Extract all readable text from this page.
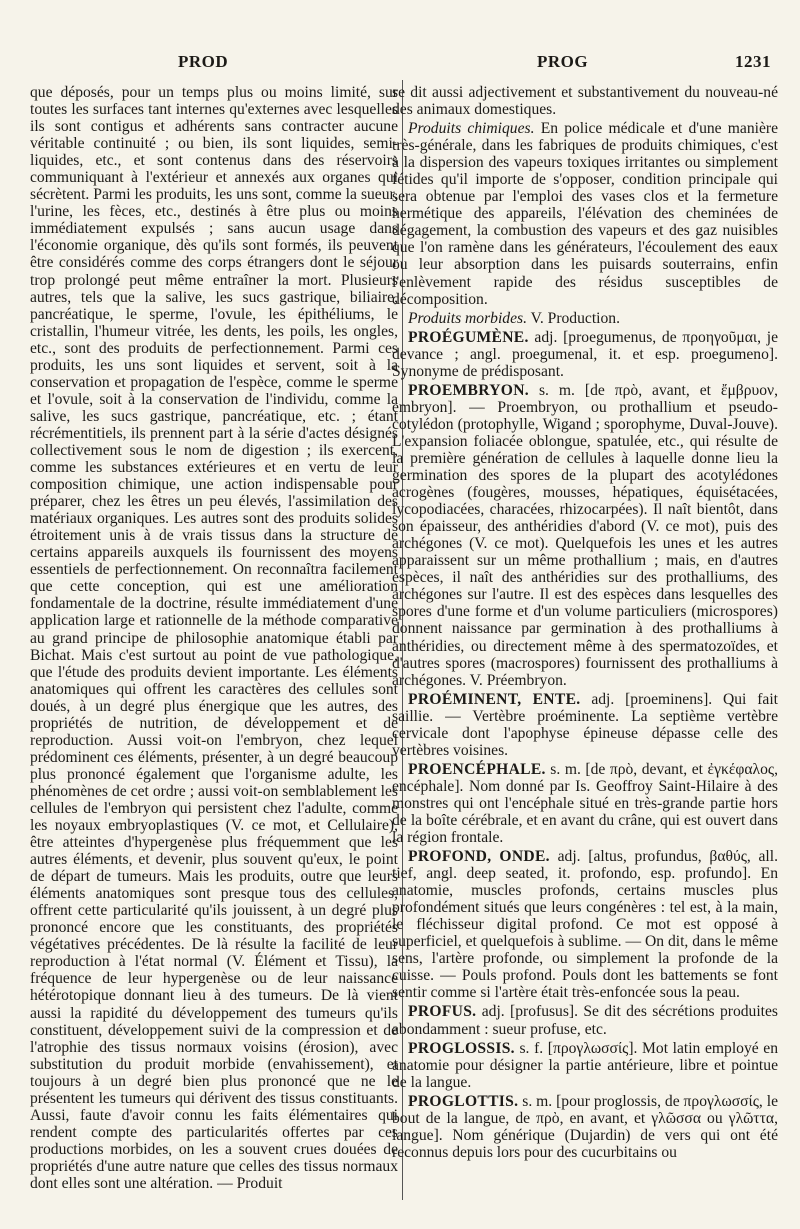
PROD	PROG	1231

que déposés, pour un temps plus ou moins limité, sur toutes les surfaces tant internes qu'externes avec lesquelles ils sont contigus et adhérents sans contracter aucune véritable continuité ; ou bien, ils sont liquides, semi-liquides, etc., et sont contenus dans des réservoirs communiquant à l'extérieur et annexés aux organes qui sécrètent. Parmi les produits, les uns sont, comme la sueur, l'urine, les fèces, etc., destinés à être plus ou moins immédiatement expulsés ; sans aucun usage dans l'économie organique, dès qu'ils sont formés, ils peuvent être considérés comme des corps étrangers dont le séjour trop prolongé peut même entraîner la mort. Plusieurs autres, tels que la salive, les sucs gastrique, biliaire, pancréatique, le sperme, l'ovule, les épithéliums, le cristallin, l'humeur vitrée, les dents, les poils, les ongles, etc., sont des produits de perfectionnement. Parmi ces produits, les uns sont liquides et servent, soit à la conservation et propagation de l'espèce, comme le sperme et l'ovule, soit à la conservation de l'individu, comme la salive, les sucs gastrique, pancréatique, etc. ; étant récrémentitiels, ils prennent part à la série d'actes désignés collectivement sous le nom de digestion ; ils exercent, comme les substances extérieures et en vertu de leur composition chimique, une action indispensable pour préparer, chez les êtres un peu élevés, l'assimilation des matériaux organiques. Les autres sont des produits solides étroitement unis à de vrais tissus dans la structure de certains appareils auxquels ils fournissent des moyens essentiels de perfectionnement. On reconnaîtra facilement que cette conception, qui est une amélioration fondamentale de la doctrine, résulte immédiatement d'une application large et rationnelle de la méthode comparative au grand principe de philosophie anatomique établi par Bichat. Mais c'est surtout au point de vue pathologique, que l'étude des produits devient importante. Les éléments anatomiques qui offrent les caractères des cellules sont doués, à un degré plus énergique que les autres, des propriétés de nutrition, de développement et de reproduction. Aussi voit-on l'embryon, chez lequel prédominent ces éléments, présenter, à un degré beaucoup plus prononcé également que l'organisme adulte, les phénomènes de cet ordre ; aussi voit-on semblablement les cellules de l'embryon qui persistent chez l'adulte, comme les noyaux embryoplastiques (V. ce mot, et Cellulaire), être atteintes d'hypergenèse plus fréquemment que les autres éléments, et devenir, plus souvent qu'eux, le point de départ de tumeurs. Mais les produits, outre que leurs éléments anatomiques sont presque tous des cellules, offrent cette particularité qu'ils jouissent, à un degré plus prononcé encore que les constituants, des propriétés végétatives précédentes. De là résulte la facilité de leur reproduction à l'état normal (V. Élément et Tissu), la fréquence de leur hypergenèse ou de leur naissance hétérotopique donnant lieu à des tumeurs. De là vient aussi la rapidité du développement des tumeurs qu'ils constituent, développement suivi de la compression et de l'atrophie des tissus normaux voisins (érosion), avec substitution du produit morbide (envahissement), et toujours à un degré bien plus prononcé que ne le présentent les tumeurs qui dérivent des tissus constituants. Aussi, faute d'avoir connu les faits élémentaires qui rendent compte des particularités offertes par ces productions morbides, on les a souvent crues douées de propriétés d'une autre nature que celles des tissus normaux dont elles sont une altération. — Produit

se dit aussi adjectivement et substantivement du nouveau-né des animaux domestiques.

Produits chimiques. En police médicale et d'une manière très-générale, dans les fabriques de produits chimiques, c'est à la dispersion des vapeurs toxiques irritantes ou simplement fétides qu'il importe de s'opposer, condition principale qui sera obtenue par l'emploi des vases clos et la fermeture hermétique des appareils, l'élévation des cheminées de dégagement, la combustion des vapeurs et des gaz nuisibles que l'on ramène dans les générateurs, l'écoulement des eaux ou leur absorption dans les puisards souterrains, enfin l'enlèvement rapide des résidus susceptibles de décomposition.

Produits morbides. V. Production.

PROÉGUMÈNE. adj. [proegumenus, de προηγοῦμαι, je devance ; angl. proegumenal, it. et esp. proegumeno]. Synonyme de prédisposant.

PROEMBRYON. s. m. [de πρὸ, avant, et ἔμβρυον, embryon]. — Proembryon, ou prothallium et pseudo-cotylédon (protophylle, Wigand ; sporophyme, Duval-Jouve). L'expansion foliacée oblongue, spatulée, etc., qui résulte de la première génération de cellules à laquelle donne lieu la germination des spores de la plupart des acotylédones acrogènes (fougères, mousses, hépatiques, équisétacées, lycopodiacées, characées, rhizocarpées). Il naît bientôt, dans son épaisseur, des anthéridies d'abord (V. ce mot), puis des archégones (V. ce mot). Quelquefois les unes et les autres apparaissent sur un même prothallium ; mais, en d'autres espèces, il naît des anthéridies sur des prothalliums, des archégones sur l'autre. Il est des espèces dans lesquelles des spores d'une forme et d'un volume particuliers (microspores) donnent naissance par germination à des prothalliums à anthéridies, ou directement même à des spermatozoïdes, et d'autres spores (macrospores) fournissent des prothalliums à archégones. V. Préembryon.

PROÉMINENT, ENTE. adj. [proeminens]. Qui fait saillie. — Vertèbre proéminente. La septième vertèbre cervicale dont l'apophyse épineuse dépasse celle des vertèbres voisines.

PROENCÉPHALE. s. m. [de πρὸ, devant, et ἐγκέφαλος, encéphale]. Nom donné par Is. Geoffroy Saint-Hilaire à des monstres qui ont l'encéphale situé en très-grande partie hors de la boîte cérébrale, et en avant du crâne, qui est ouvert dans la région frontale.

PROFOND, ONDE. adj. [altus, profundus, βαθύς, all. tief, angl. deep seated, it. profondo, esp. profundo]. En anatomie, muscles profonds, certains muscles plus profondément situés que leurs congénères : tel est, à la main, le fléchisseur digital profond. Ce mot est opposé à superficiel, et quelquefois à sublime. — On dit, dans le même sens, l'artère profonde, ou simplement la profonde de la cuisse. — Pouls profond. Pouls dont les battements se font sentir comme si l'artère était très-enfoncée sous la peau.

PROFUS. adj. [profusus]. Se dit des sécrétions produites abondamment : sueur profuse, etc.

PROGLOSSIS. s. f. [προγλωσσίς]. Mot latin employé en anatomie pour désigner la partie antérieure, libre et pointue de la langue.

PROGLOTTIS. s. m. [pour proglossis, de προγλωσσίς, le bout de la langue, de πρὸ, en avant, et γλῶσσα ou γλῶττα, langue]. Nom générique (Dujardin) de vers qui ont été reconnus depuis lors pour des cucurbitains ou
